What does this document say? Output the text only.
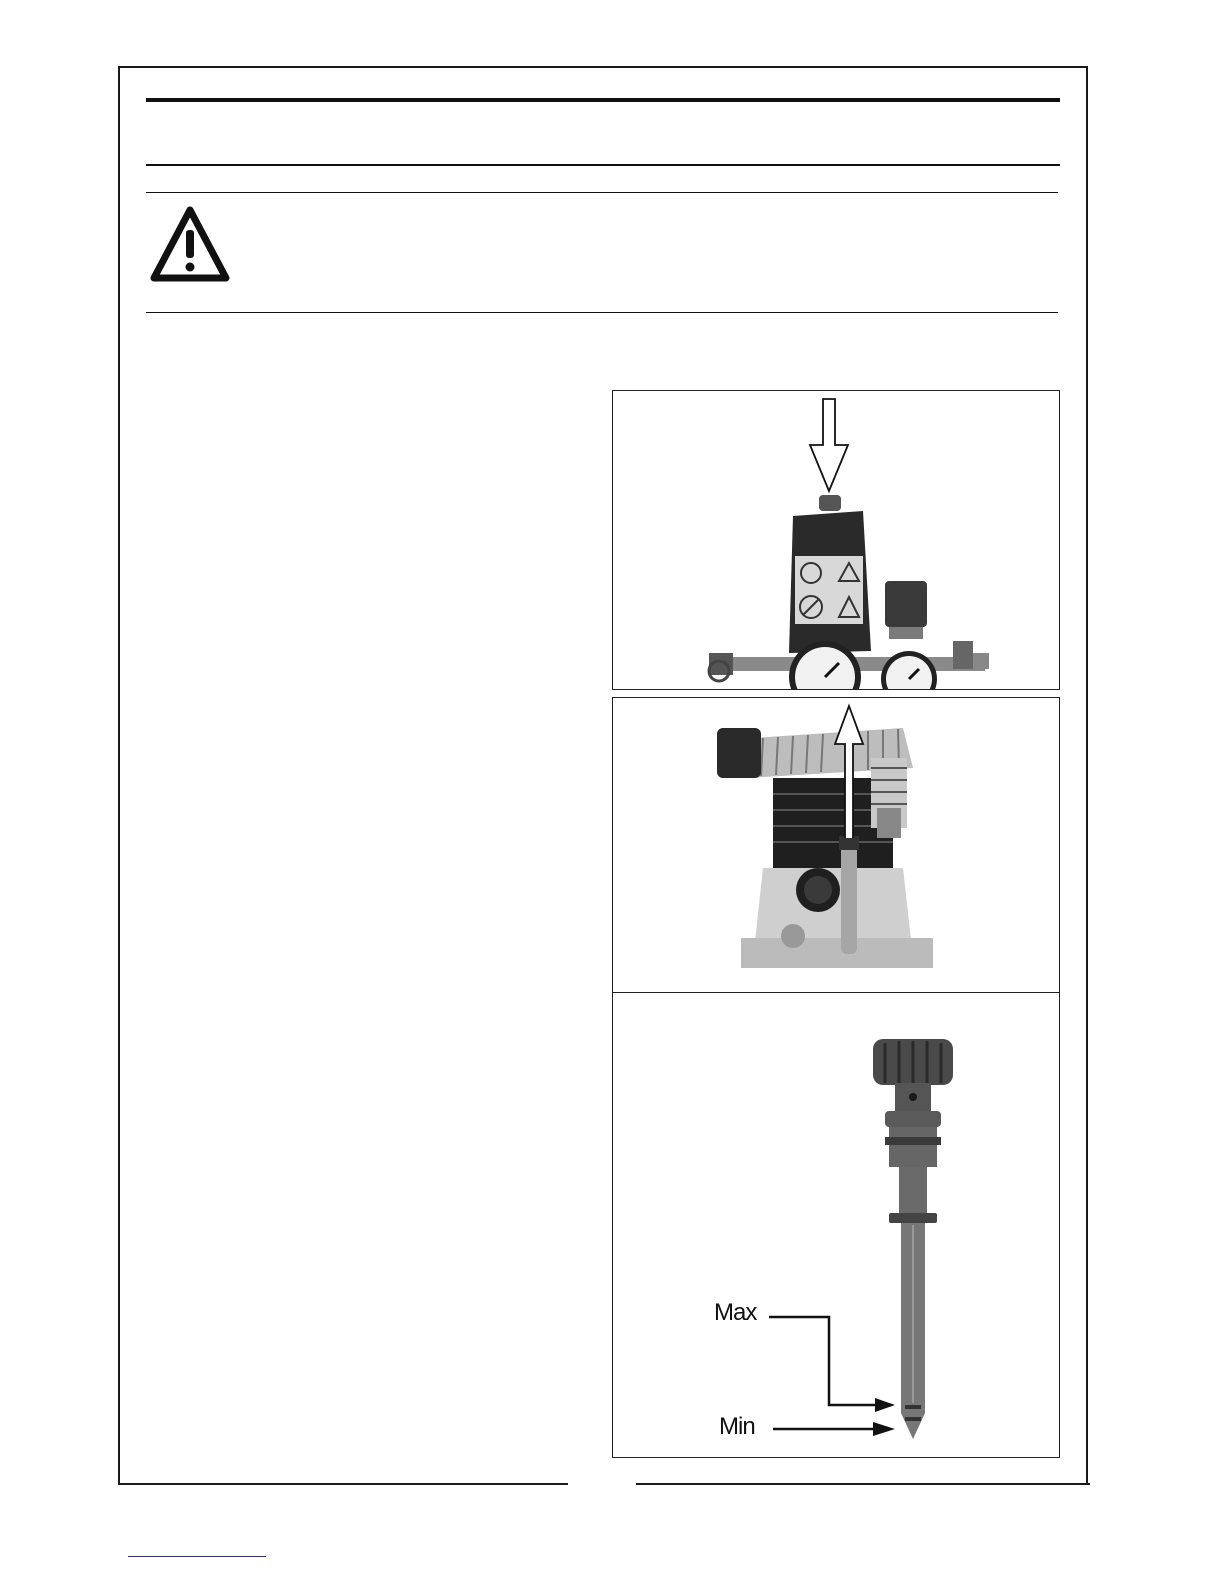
Max
Min
